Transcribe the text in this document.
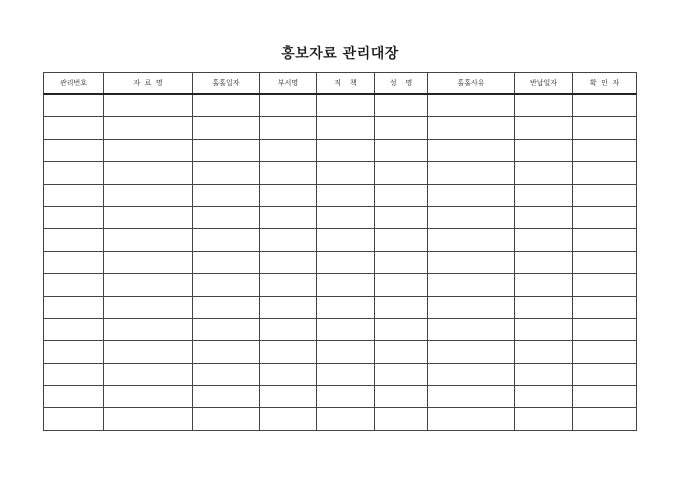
홍보자료 관리대장
관리번호	자  료  명	홀홀일자	부서명	직    책	성    명	홀홀사유	반납일자	확  인  자
